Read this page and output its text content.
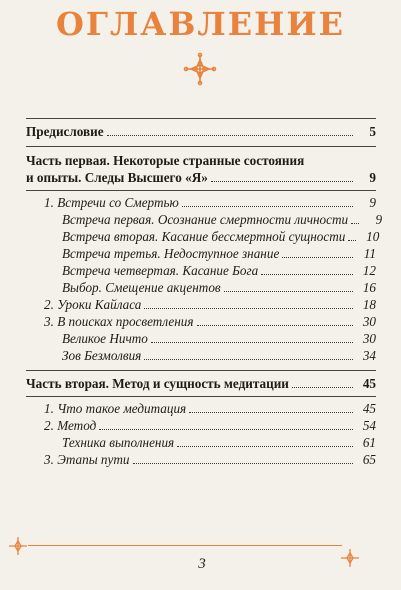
ОГЛАВЛЕНИЕ
Предисловие	5
Часть первая. Некоторые странные состояния
и опыты. Следы Высшего «Я»	9
1. Встречи со Смертью	9
Встреча первая. Осознание смертности личности	9
Встреча вторая. Касание бессмертной сущности	10
Встреча третья. Недоступное знание	11
Встреча четвертая. Касание Бога	12
Выбор. Смещение акцентов	16
2. Уроки Кайласа	18
3. В поисках просветления	30
Великое Ничто	30
Зов Безмолвия	34
Часть вторая. Метод и сущность медитации	45
1. Что такое медитация	45
2. Метод	54
Техника выполнения	61
3. Этапы пути	65
3
